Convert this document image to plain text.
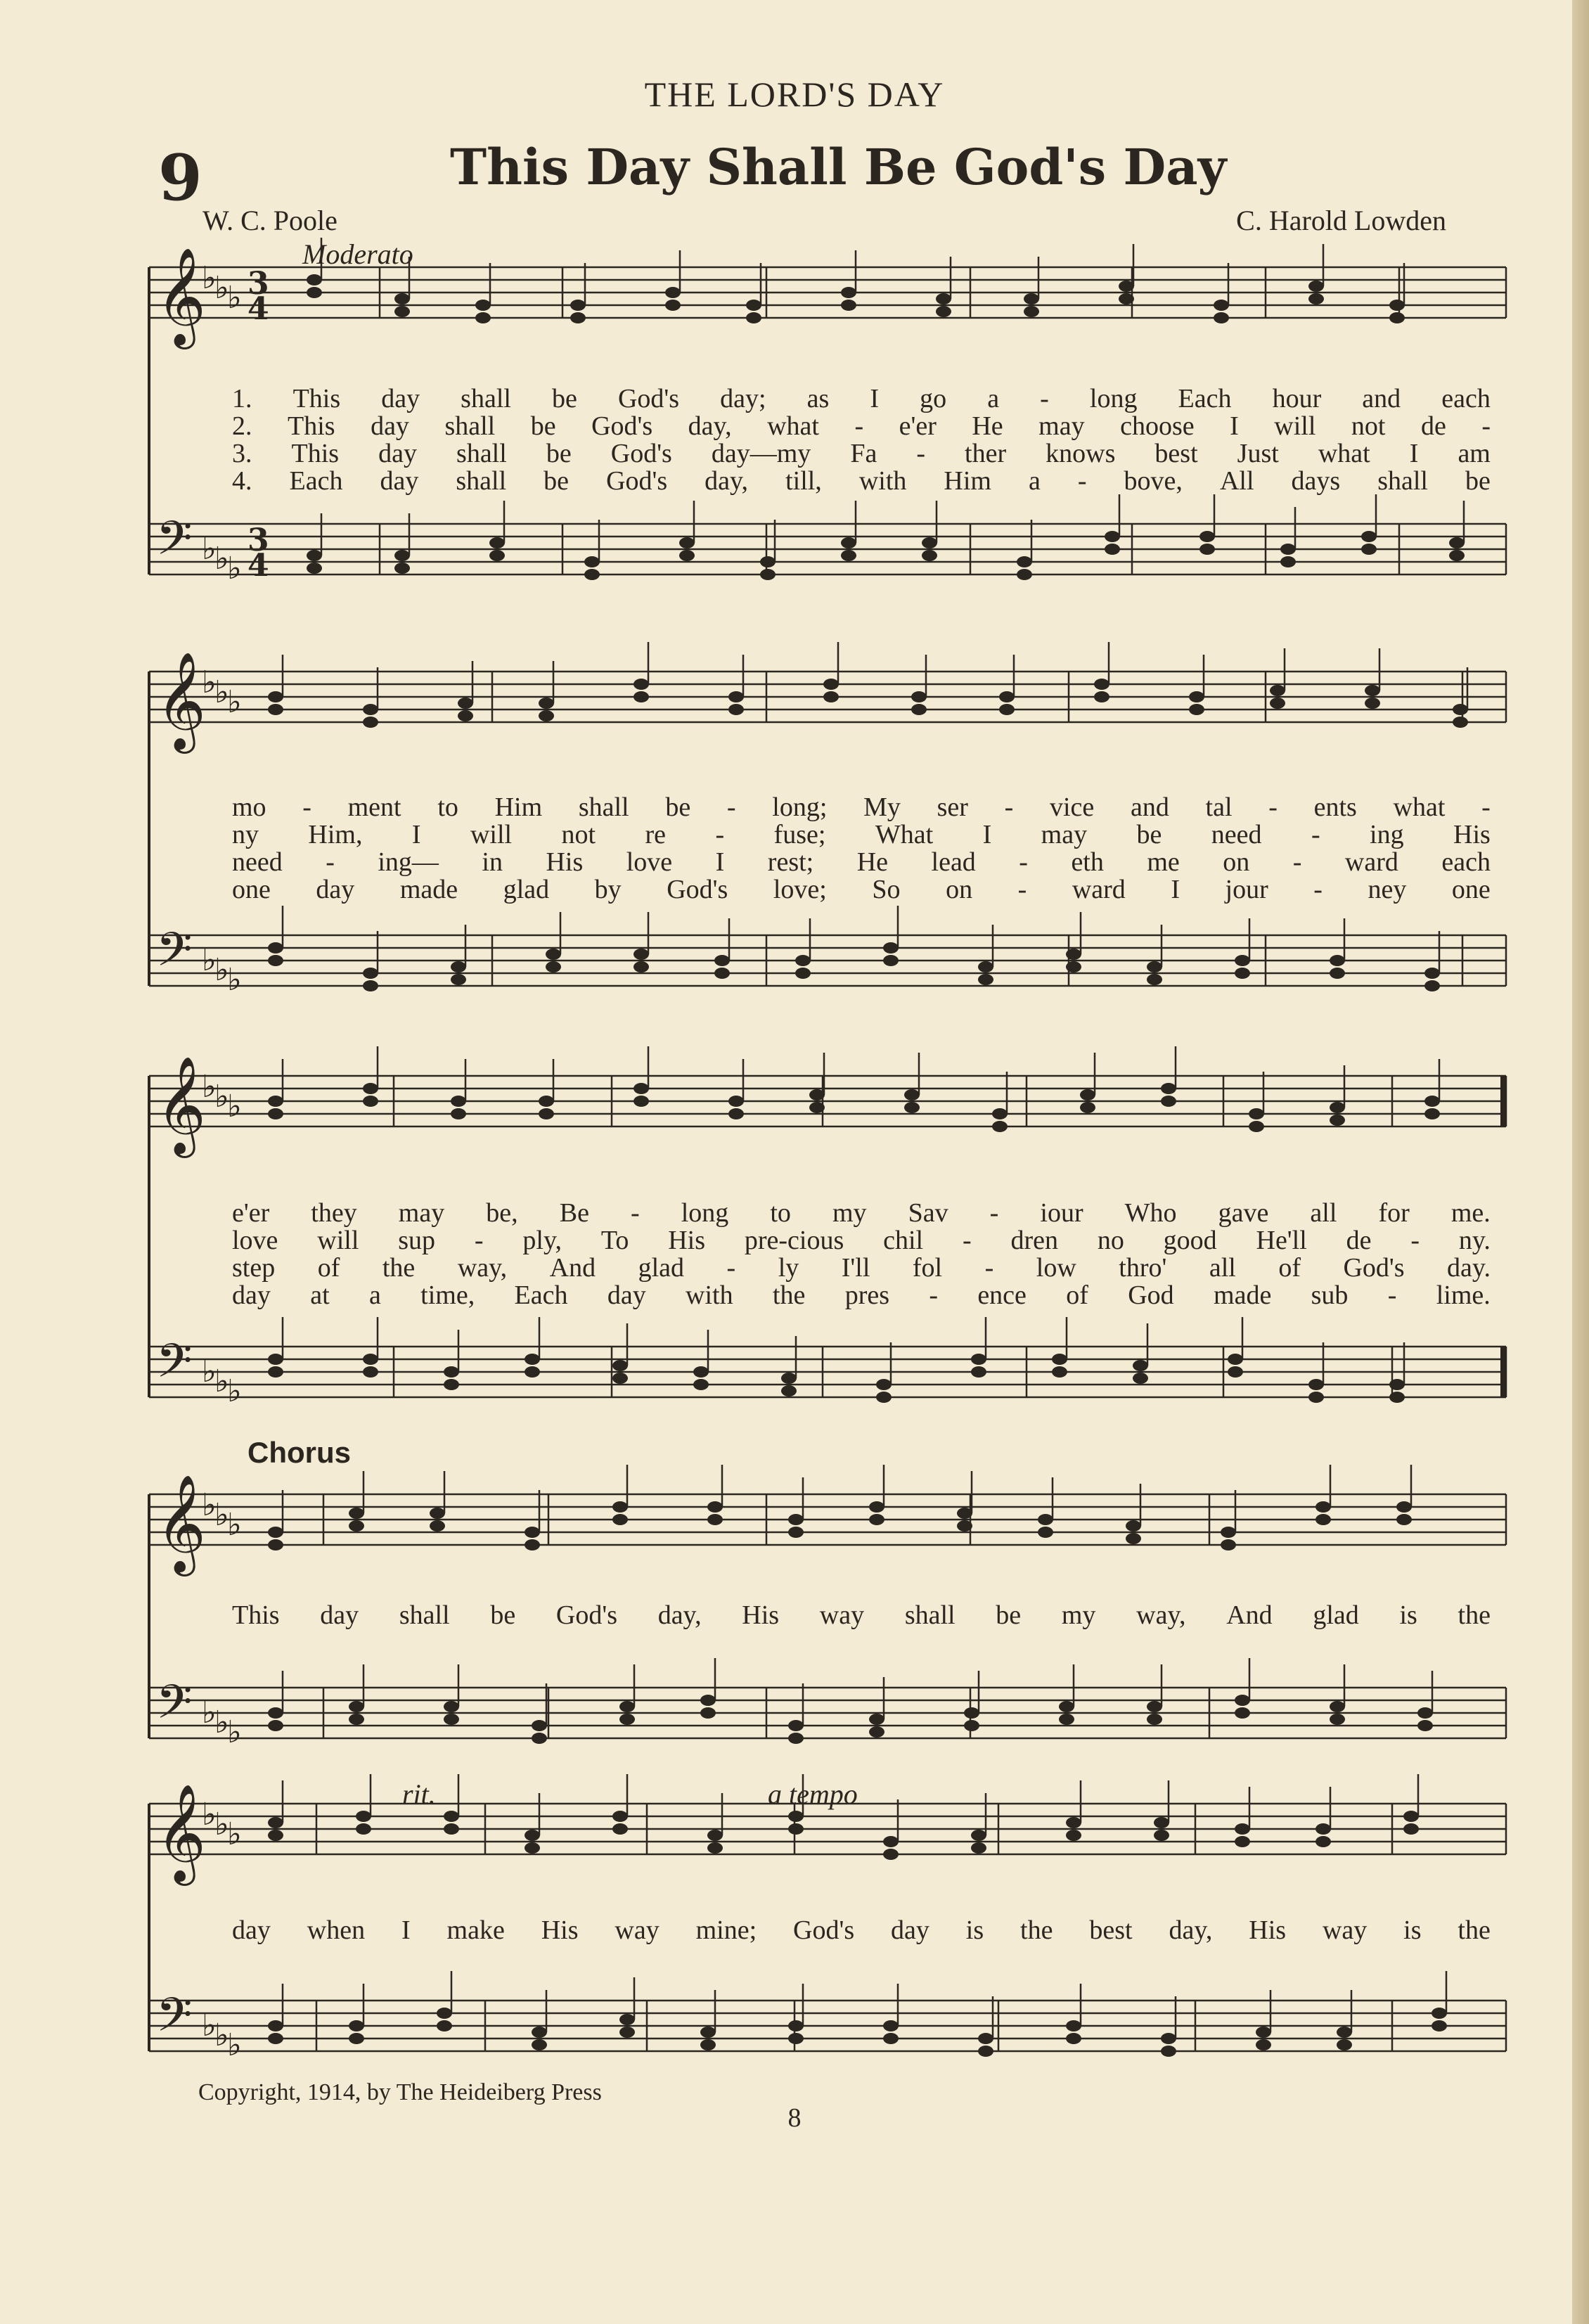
THE LORD'S DAY
9	This Day Shall Be God's Day
W. C. Poole	C. Harold Lowden
Moderato
rit.	a tempo
Chorus
𝄞
♭
♭
♭ 3
4
𝄢 ♭
♭
♭
3
4
𝄞
♭
♭
♭
𝄢 ♭
♭
♭
𝄞
♭
♭
♭
𝄢 ♭
♭
♭
𝄞
♭
♭
♭
𝄢 ♭
♭
♭
𝄞
♭
♭
♭
𝄢 ♭
♭
♭
1. This day shall be God's day; as I go a - long Each hour and each
2. This day shall be God's day, what - e'er He may choose I will not de -
3. This day shall be God's day—my Fa - ther knows best Just what I am
4. Each day shall be God's day, till, with Him a - bove, All days shall be
mo - ment to Him shall be - long; My ser - vice and tal - ents what -
ny Him, I will not re - fuse; What I may be need - ing His
need - ing— in His love I rest; He lead - eth me on - ward each
one day made glad by God's love; So on - ward I jour - ney one
e'er they may be, Be - long to my Sav - iour Who gave all for me.
love will sup - ply, To His pre-cious chil - dren no good He'll de - ny.
step of the way, And glad - ly I'll fol - low thro' all of God's day.
day at a time, Each day with the pres - ence of God made sub - lime.
This day shall be God's day, His way shall be my way, And glad is the
day when I make His way mine; God's day is the best day, His way is the
Copyright, 1914, by The Heideiberg Press
8
